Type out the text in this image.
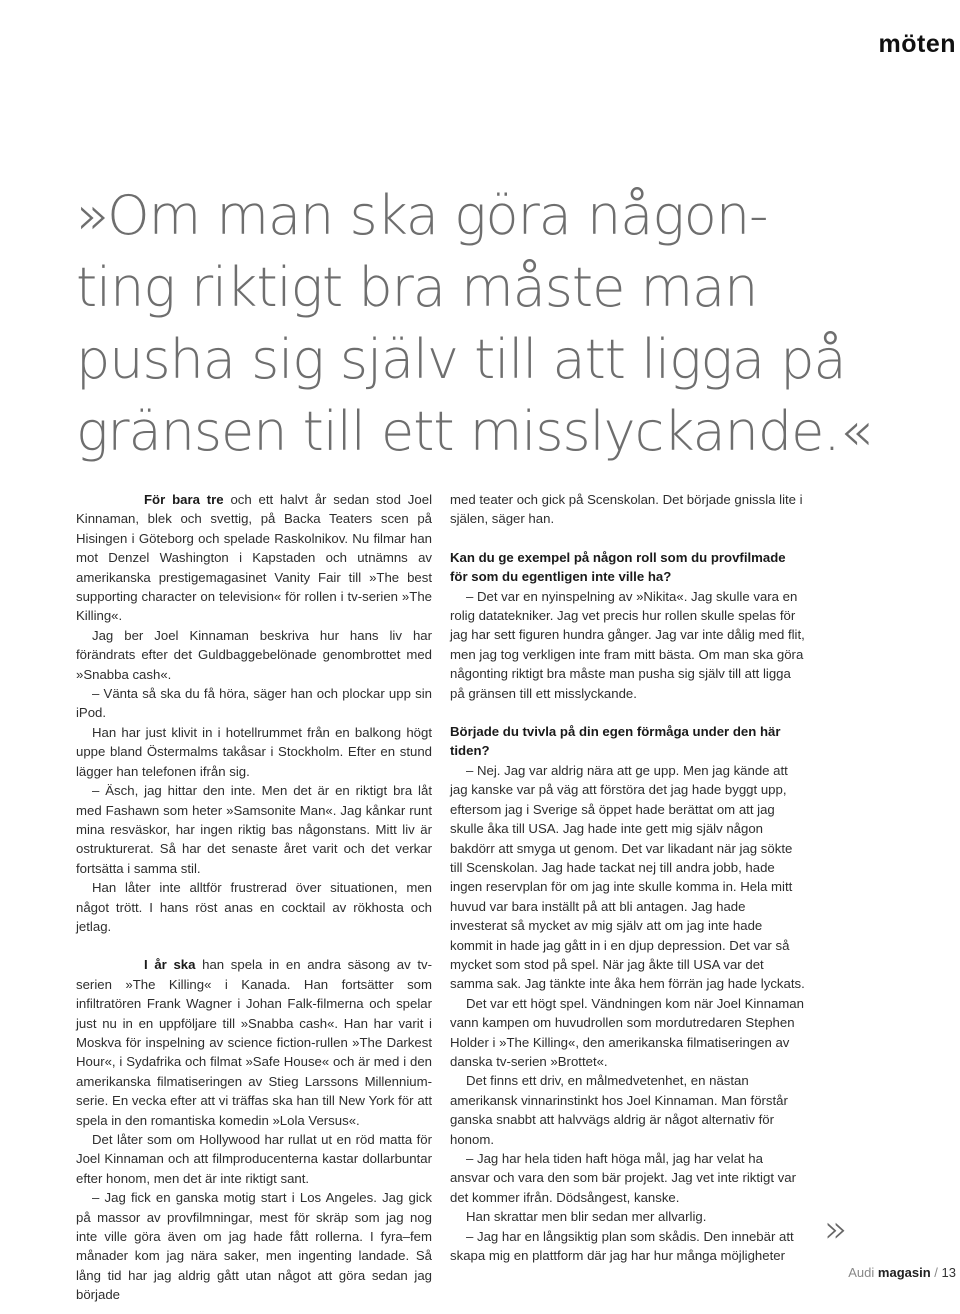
möten
»Om man ska göra någon-
ting riktigt bra måste man
pusha sig själv till att ligga på
gränsen till ett misslyckande.«

För bara tre och ett halvt år sedan stod Joel Kinnaman, blek och svettig, på Backa Teaters scen på Hisingen i Göteborg och spelade Raskolnikov. Nu filmar han mot Denzel Washington i Kapstaden och utnämns av amerikanska prestigemagasinet Vanity Fair till »The best supporting character on television« för rollen i tv-serien »The Killing«.

Jag ber Joel Kinnaman beskriva hur hans liv har förändrats efter det Guldbaggebelönade genombrottet med »Snabba cash«.

– Vänta så ska du få höra, säger han och plockar upp sin iPod.

Han har just klivit in i hotellrummet från en balkong högt uppe bland Östermalms takåsar i Stockholm. Efter en stund lägger han telefonen ifrån sig.

– Äsch, jag hittar den inte. Men det är en riktigt bra låt med Fashawn som heter »Samsonite Man«. Jag kånkar runt mina resväskor, har ingen riktig bas någonstans. Mitt liv är ostrukturerat. Så har det senaste året varit och det verkar fortsätta i samma stil.

Han låter inte alltför frustrerad över situationen, men något trött. I hans röst anas en cocktail av rökhosta och jetlag.

I år ska han spela in en andra säsong av tv-serien »The Killing« i Kanada. Han fortsätter som infiltratören Frank Wagner i Johan Falk-filmerna och spelar just nu in en uppföljare till »Snabba cash«. Han har varit i Moskva för inspelning av science fiction-rullen »The Darkest Hour«, i Sydafrika och filmat »Safe House« och är med i den amerikanska filmatiseringen av Stieg Larssons Millennium-serie. En vecka efter att vi träffas ska han till New York för att spela in den romantiska komedin »Lola Versus«.

Det låter som om Hollywood har rullat ut en röd matta för Joel Kinnaman och att filmproducenterna kastar dollarbuntar efter honom, men det är inte riktigt sant.

– Jag fick en ganska motig start i Los Angeles. Jag gick på massor av provfilmningar, mest för skräp som jag nog inte ville göra även om jag hade fått rollerna. I fyra–fem månader kom jag nära saker, men ingenting landade. Så lång tid har jag aldrig gått utan något att göra sedan jag började

med teater och gick på Scenskolan. Det började gnissla lite i själen, säger han.

Kan du ge exempel på någon roll som du provfilmade för som du egentligen inte ville ha?

– Det var en nyinspelning av »Nikita«. Jag skulle vara en rolig datatekniker. Jag vet precis hur rollen skulle spelas för jag har sett figuren hundra gånger. Jag var inte dålig med flit, men jag tog verkligen inte fram mitt bästa. Om man ska göra någonting riktigt bra måste man pusha sig själv till att ligga på gränsen till ett misslyckande.

Började du tvivla på din egen förmåga under den här tiden?

– Nej. Jag var aldrig nära att ge upp. Men jag kände att jag kanske var på väg att förstöra det jag hade byggt upp, eftersom jag i Sverige så öppet hade berättat om att jag skulle åka till USA. Jag hade inte gett mig själv någon bakdörr att smyga ut genom. Det var likadant när jag sökte till Scenskolan. Jag hade tackat nej till andra jobb, hade ingen reservplan för om jag inte skulle komma in. Hela mitt huvud var bara inställt på att bli antagen. Jag hade investerat så mycket av mig själv att om jag inte hade kommit in hade jag gått in i en djup depression. Det var så mycket som stod på spel. När jag åkte till USA var det samma sak. Jag tänkte inte åka hem förrän jag hade lyckats.

Det var ett högt spel. Vändningen kom när Joel Kinnaman vann kampen om huvudrollen som mordutredaren Stephen Holder i »The Killing«, den amerikanska filmatiseringen av danska tv-serien »Brottet«.

Det finns ett driv, en målmedvetenhet, en nästan amerikansk vinnarinstinkt hos Joel Kinnaman. Man förstår ganska snabbt att halvvägs aldrig är något alternativ för honom.

– Jag har hela tiden haft höga mål, jag har velat ha ansvar och vara den som bär projekt. Jag vet inte riktigt var det kommer ifrån. Dödsångest, kanske.

Han skrattar men blir sedan mer allvarlig.

– Jag har en långsiktig plan som skådis. Den innebär att skapa mig en plattform där jag har hur många möjligheter

»
Audi magasin / 13
